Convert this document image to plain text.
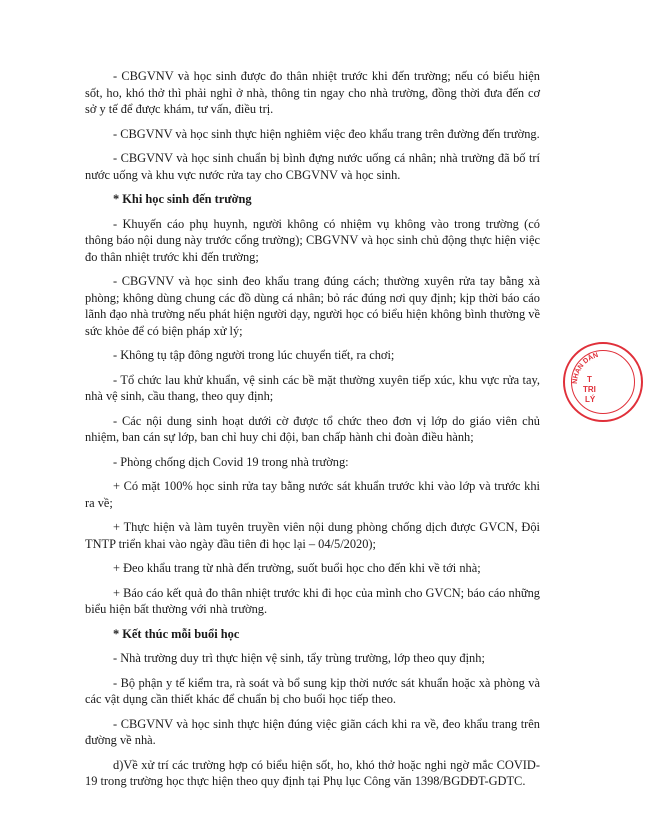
- CBGVNV và học sinh được đo thân nhiệt trước khi đến trường; nếu có biểu hiện sốt, ho, khó thở thì phải nghỉ ở nhà, thông tin ngay cho nhà trường, đồng thời đưa đến cơ sở y tế để được khám, tư vấn, điều trị.

- CBGVNV và học sinh thực hiện nghiêm việc đeo khẩu trang trên đường đến trường.

- CBGVNV và học sinh chuẩn bị bình đựng nước uống cá nhân; nhà trường đã bố trí nước uống và khu vực nước rửa tay cho CBGVNV và học sinh.

* Khi học sinh đến trường

- Khuyến cáo phụ huynh, người không có nhiệm vụ không vào trong trường (có thông báo nội dung này trước cổng trường); CBGVNV và học sinh chủ động thực hiện việc đo thân nhiệt trước khi đến trường;

- CBGVNV và học sinh đeo khẩu trang đúng cách; thường xuyên rửa tay bằng xà phòng; không dùng chung các đồ dùng cá nhân; bỏ rác đúng nơi quy định; kịp thời báo cáo lãnh đạo nhà trường nếu phát hiện người dạy, người học có biểu hiện không bình thường về sức khỏe để có biện pháp xử lý;

- Không tụ tập đông người trong lúc chuyển tiết, ra chơi;

- Tổ chức lau khử khuẩn, vệ sinh các bề mặt thường xuyên tiếp xúc, khu vực rửa tay, nhà vệ sinh, cầu thang, theo quy định;

- Các nội dung sinh hoạt dưới cờ được tổ chức theo đơn vị lớp do giáo viên chủ nhiệm, ban cán sự lớp, ban chỉ huy chi đội, ban chấp hành chi đoàn điều hành;

- Phòng chống dịch Covid 19 trong nhà trường:

+ Có mặt 100% học sinh rửa tay bằng nước sát khuẩn trước khi vào lớp và trước khi ra về;

+ Thực hiện và làm tuyên truyền viên nội dung phòng chống dịch được GVCN, Đội TNTP triển khai vào ngày đầu tiên đi học lại – 04/5/2020);

+ Đeo khẩu trang từ nhà đến trường, suốt buổi học cho đến khi về tới nhà;

+ Báo cáo kết quả đo thân nhiệt trước khi đi học của mình cho GVCN; báo cáo những biểu hiện bất thường với nhà trường.

* Kết thúc mỗi buổi học

- Nhà trường duy trì thực hiện vệ sinh, tẩy trùng trường, lớp theo quy định;

- Bộ phận y tế kiểm tra, rà soát và bổ sung kịp thời nước sát khuẩn hoặc xà phòng và các vật dụng cần thiết khác để chuẩn bị cho buổi học tiếp theo.

- CBGVNV và học sinh thực hiện đúng việc giãn cách khi ra về, đeo khẩu trang trên đường về nhà.

d)Về xử trí các trường hợp có biểu hiện sốt, ho, khó thở hoặc nghi ngờ mắc COVID-19 trong trường học thực hiện theo quy định tại Phụ lục Công văn 1398/BGDĐT-GDTC.

NHÂN DÂN
T
TRI
LÝ
